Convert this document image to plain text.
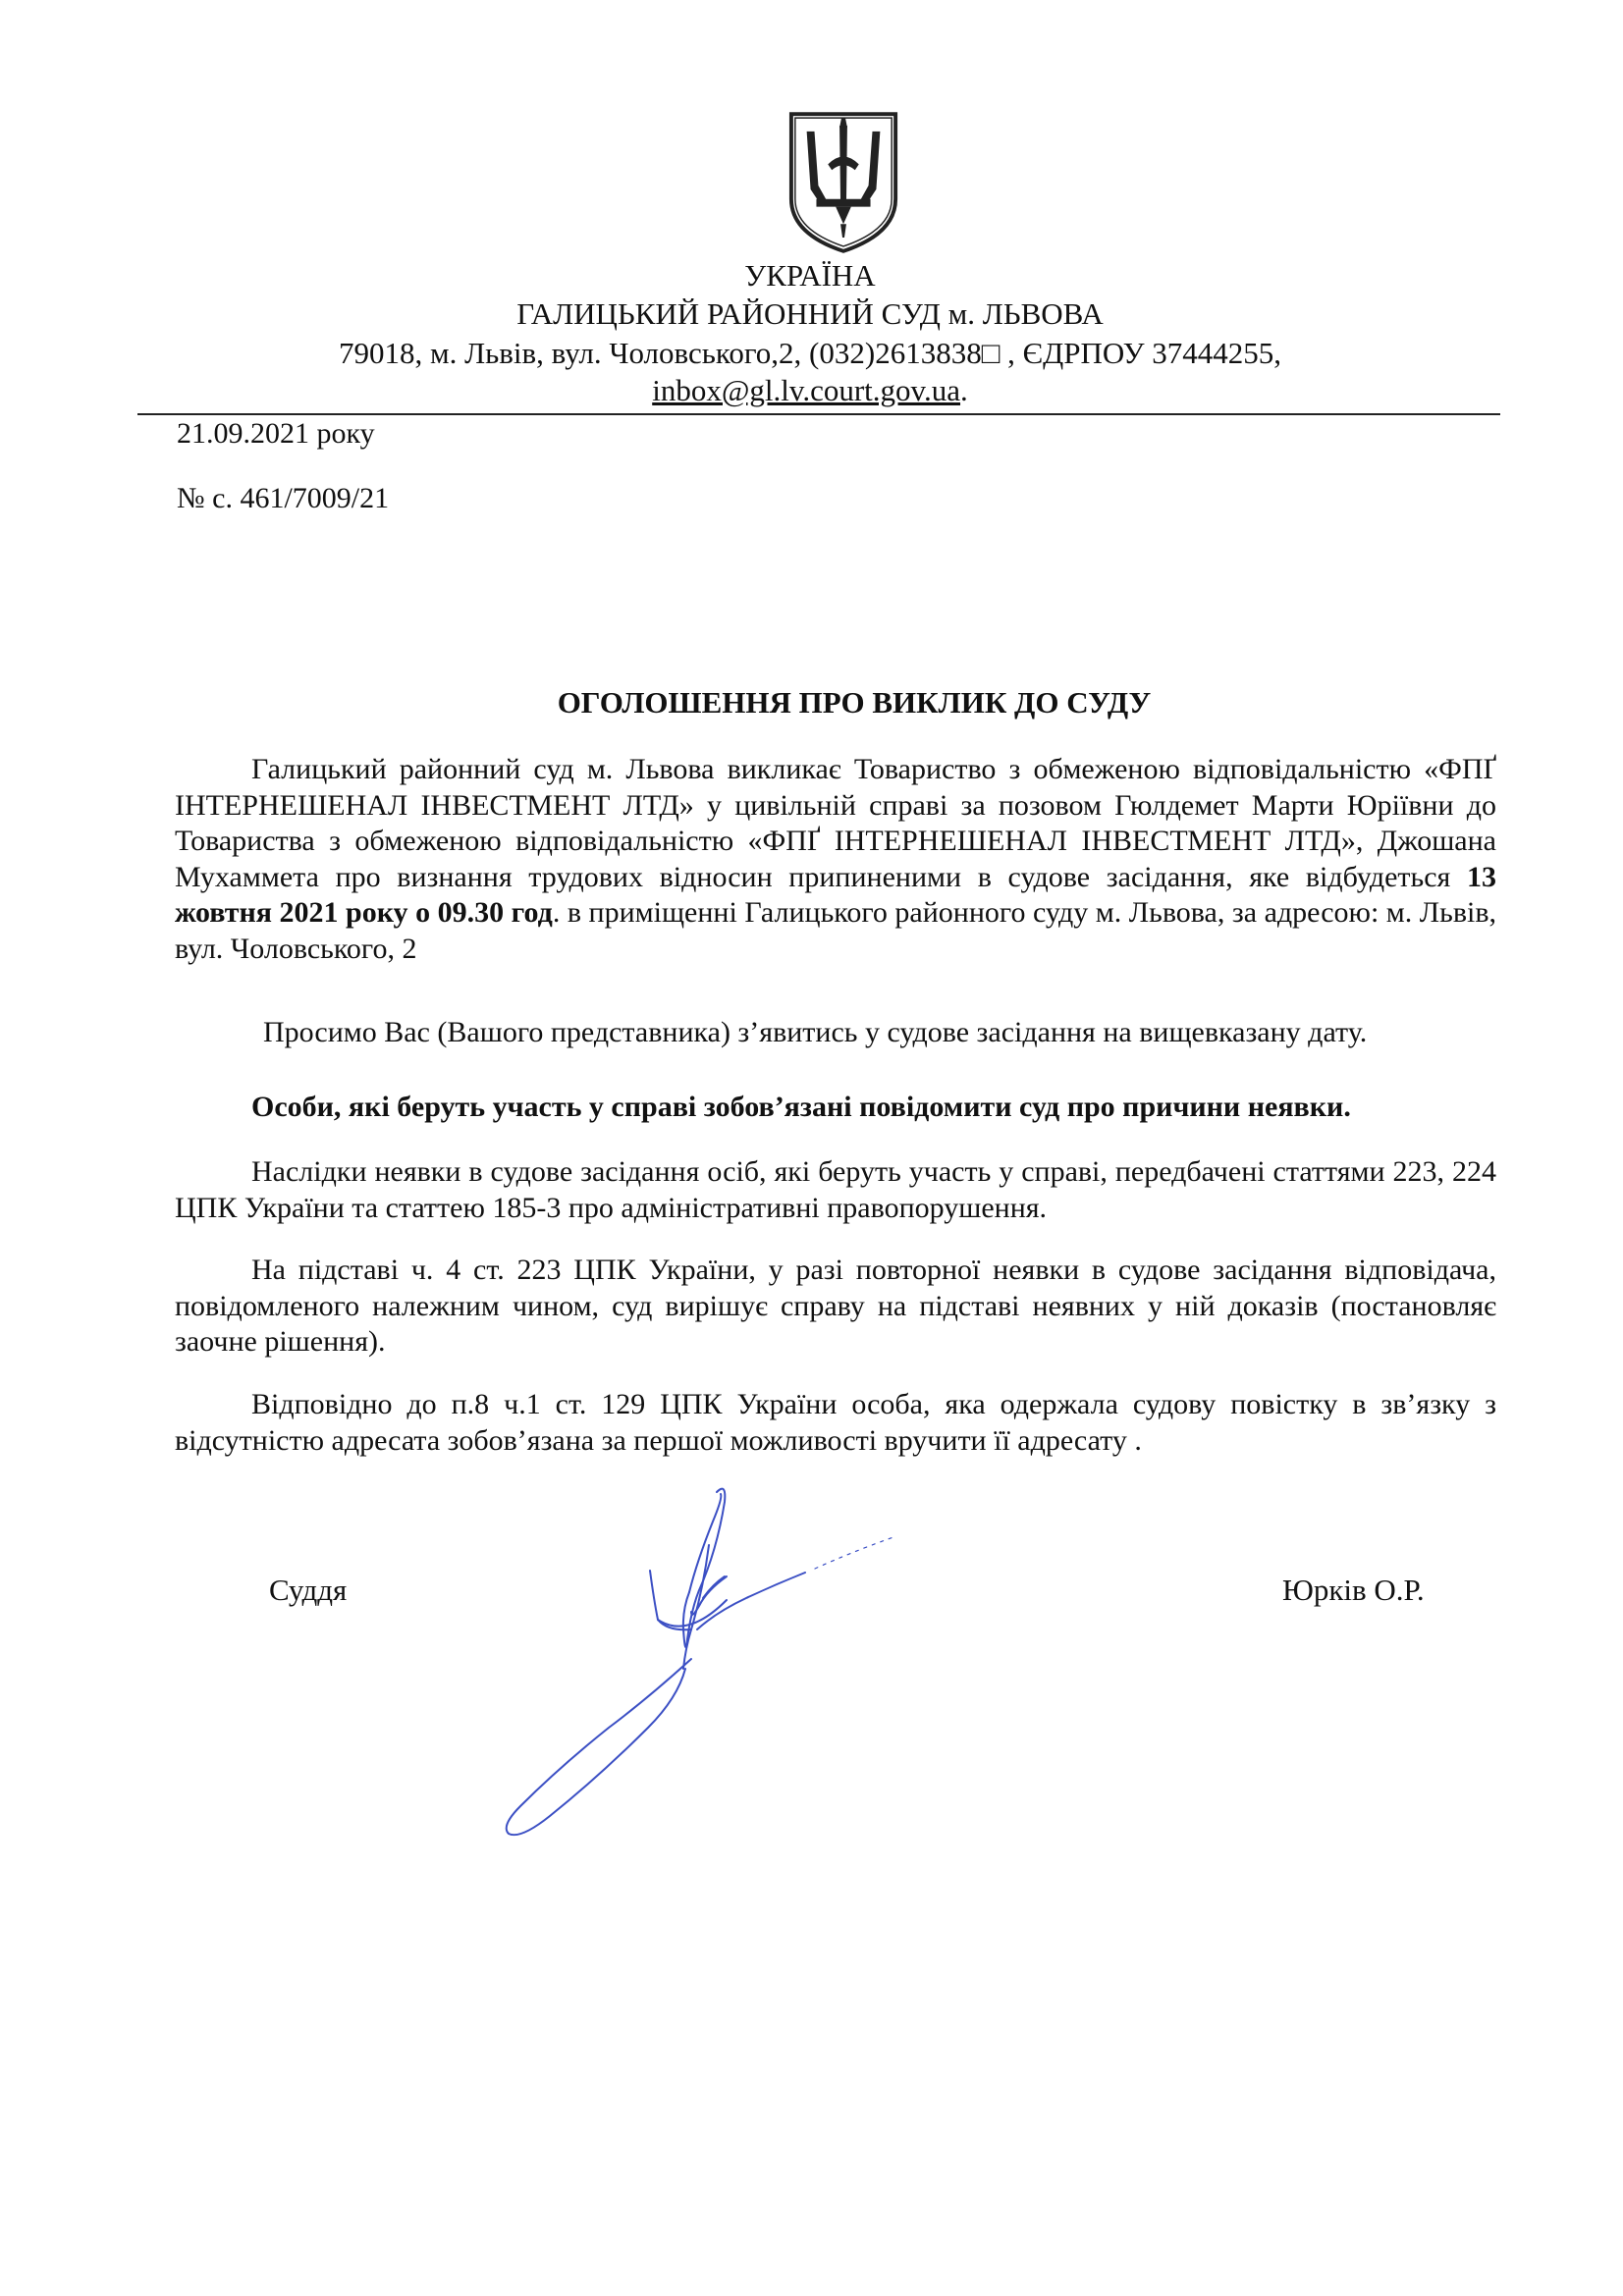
УКРАЇНА
ГАЛИЦЬКИЙ РАЙОННИЙ СУД м. ЛЬВОВА
79018, м. Львів, вул. Чоловського,2, (032)2613838□ , ЄДРПОУ 37444255,
inbox@gl.lv.court.gov.ua.
21.09.2021 року
№ с. 461/7009/21
ОГОЛОШЕННЯ ПРО ВИКЛИК ДО СУДУ
Галицький районний суд м. Львова викликає Товариство з обмеженою відповідальністю «ФПҐ ІНТЕРНЕШЕНАЛ ІНВЕСТМЕНТ ЛТД» у цивільній справі за позовом Гюлдемет Марти Юріївни до Товариства з обмеженою відповідальністю «ФПҐ ІНТЕРНЕШЕНАЛ ІНВЕСТМЕНТ ЛТД», Джошана Мухаммета про визнання трудових відносин припиненими в судове засідання, яке відбудеться 13 жовтня 2021 року о 09.30 год. в приміщенні Галицького районного суду м. Львова, за адресою: м. Львів, вул. Чоловського, 2
Просимо Вас (Вашого представника) з’явитись у судове засідання на вищевказану дату.
Особи, які беруть участь у справі зобов’язані повідомити суд про причини неявки.
Наслідки неявки в судове засідання осіб, які беруть участь у справі, передбачені статтями 223, 224 ЦПК України та статтею 185-3 про адміністративні правопорушення.
На підставі ч. 4 ст. 223 ЦПК України, у разі повторної неявки в судове засідання відповідача, повідомленого належним чином, суд вирішує справу на підставі неявних у ній доказів (постановляє заочне рішення).
Відповідно до п.8 ч.1 ст. 129 ЦПК України особа, яка одержала судову повістку в зв’язку з відсутністю адресата зобов’язана за першої можливості вручити її адресату .
Суддя	Юрків О.Р.
